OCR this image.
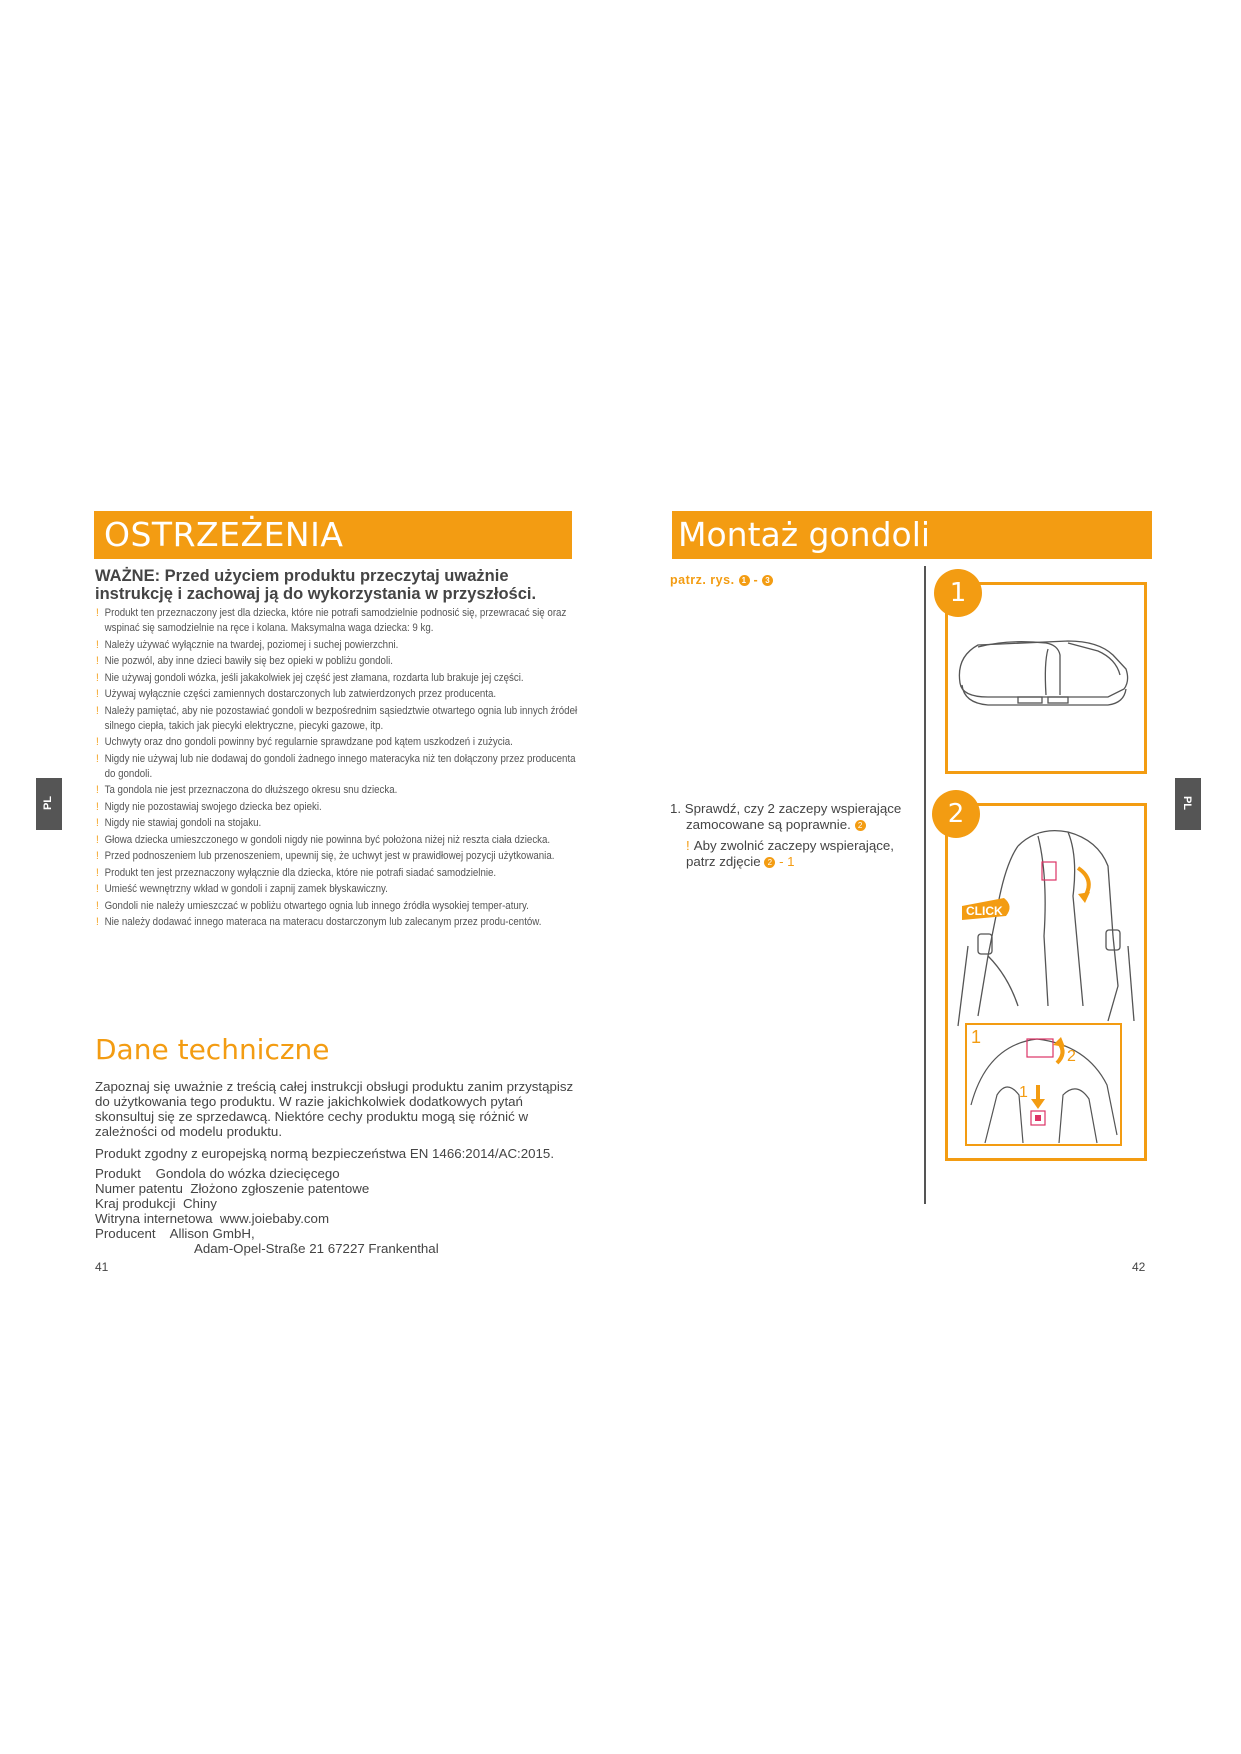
OSTRZEŻENIA
WAŻNE: Przed użyciem produktu przeczytaj uważnie instrukcję i zachowaj ją do wykorzystania w przyszłości.
! Produkt ten przeznaczony jest dla dziecka, które nie potrafi samodzielnie podnosić się, przewracać się oraz wspinać się samodzielnie na ręce i kolana. Maksymalna waga dziecka: 9 kg.
! Należy używać wyłącznie na twardej, poziomej i suchej powierzchni.
! Nie pozwól, aby inne dzieci bawiły się bez opieki w pobliżu gondoli.
! Nie używaj gondoli wózka, jeśli jakakolwiek jej część jest złamana, rozdarta lub brakuje jej części.
! Używaj wyłącznie części zamiennych dostarczonych lub zatwierdzonych przez producenta.
! Należy pamiętać, aby nie pozostawiać gondoli w bezpośrednim sąsiedztwie otwartego ognia lub innych źródeł silnego ciepła, takich jak piecyki elektryczne, piecyki gazowe, itp.
! Uchwyty oraz dno gondoli powinny być regularnie sprawdzane pod kątem uszkodzeń i zużycia.
! Nigdy nie używaj lub nie dodawaj do gondoli żadnego innego materacyka niż ten dołączony przez producenta do gondoli.
! Ta gondola nie jest przeznaczona do dłuższego okresu snu dziecka.
! Nigdy nie pozostawiaj swojego dziecka bez opieki.
! Nigdy nie stawiaj gondoli na stojaku.
! Głowa dziecka umieszczonego w gondoli nigdy nie powinna być położona niżej niż reszta ciała dziecka.
! Przed podnoszeniem lub przenoszeniem, upewnij się, że uchwyt jest w prawidłowej pozycji użytkowania.
! Produkt ten jest przeznaczony wyłącznie dla dziecka, które nie potrafi siadać samodzielnie.
! Umieść wewnętrzny wkład w gondoli i zapnij zamek błyskawiczny.
! Gondoli nie należy umieszczać w pobliżu otwartego ognia lub innego źródła wysokiej temper-atury.
! Nie należy dodawać innego materaca na materacu dostarczonym lub zalecanym przez produ-centów.
Dane techniczne
Zapoznaj się uważnie z treścią całej instrukcji obsługi produktu zanim przystąpisz do użytkowania tego produktu. W razie jakichkolwiek dodatkowych pytań skonsultuj się ze sprzedawcą. Niektóre cechy produktu mogą się różnić w zależności od modelu produktu.
Produkt zgodny z europejską normą bezpieczeństwa EN 1466:2014/AC:2015.
Produkt    Gondola do wózka dziecięcego
Numer patentu  Złożono zgłoszenie patentowe
Kraj produkcji  Chiny
Witryna internetowa  www.joiebaby.com
Producent    Allison GmbH,
Adam-Opel-Straße 21 67227 Frankenthal
41
PL
Montaż gondoli
patrz. rys. 1 - 3
1. Sprawdź, czy 2 zaczepy wspierające
zamocowane są poprawnie. 2
! Aby zwolnić zaczepy wspierające, patrz zdjęcie 2 - 1
1
CLICK
1
2
1
2
42
PL
